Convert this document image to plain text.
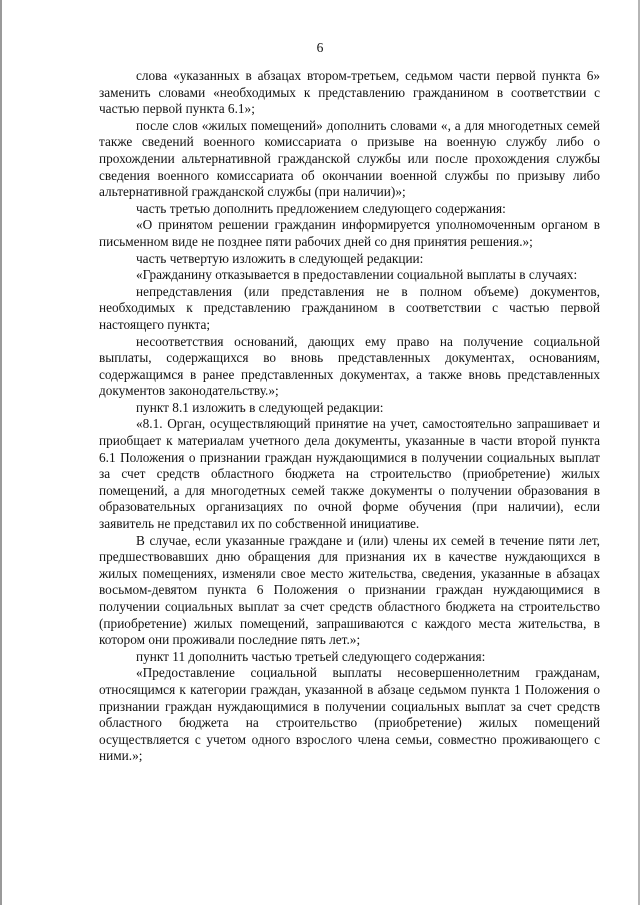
6

слова «указанных в абзацах втором-третьем, седьмом части первой пункта 6» заменить словами «необходимых к представлению гражданином в соответствии с частью первой пункта 6.1»;

после слов «жилых помещений» дополнить словами «, а для многодетных семей также сведений военного комиссариата о призыве на военную службу либо о прохождении альтернативной гражданской службы или после прохождения службы сведения военного комиссариата об окончании военной службы по призыву либо альтернативной гражданской службы (при наличии)»;

часть третью дополнить предложением следующего содержания:

«О принятом решении гражданин информируется уполномоченным органом в письменном виде не позднее пяти рабочих дней со дня принятия решения.»;

часть четвертую изложить в следующей редакции:

«Гражданину отказывается в предоставлении социальной выплаты в случаях:

непредставления (или представления не в полном объеме) документов, необходимых к представлению гражданином в соответствии с частью первой настоящего пункта;

несоответствия оснований, дающих ему право на получение социальной выплаты, содержащихся во вновь представленных документах, основаниям, содержащимся в ранее представленных документах, а также вновь представленных документов законодательству.»;

пункт 8.1 изложить в следующей редакции:

«8.1. Орган, осуществляющий принятие на учет, самостоятельно запрашивает и приобщает к материалам учетного дела документы, указанные в части второй пункта 6.1 Положения о признании граждан нуждающимися в получении социальных выплат за счет средств областного бюджета на строительство (приобретение) жилых помещений, а для многодетных семей также документы о получении образования в образовательных организациях по очной форме обучения (при наличии), если заявитель не представил их по собственной инициативе.

В случае, если указанные граждане и (или) члены их семей в течение пяти лет, предшествовавших дню обращения для признания их в качестве нуждающихся в жилых помещениях, изменяли свое место жительства, сведения, указанные в абзацах восьмом-девятом пункта 6 Положения о признании граждан нуждающимися в получении социальных выплат за счет средств областного бюджета на строительство (приобретение) жилых помещений, запрашиваются с каждого места жительства, в котором они проживали последние пять лет.»;

пункт 11 дополнить частью третьей следующего содержания:

«Предоставление социальной выплаты несовершеннолетним гражданам, относящимся к категории граждан, указанной в абзаце седьмом пункта 1 Положения о признании граждан нуждающимися в получении социальных выплат за счет средств областного бюджета на строительство (приобретение) жилых помещений осуществляется с учетом одного взрослого члена семьи, совместно проживающего с ними.»;
